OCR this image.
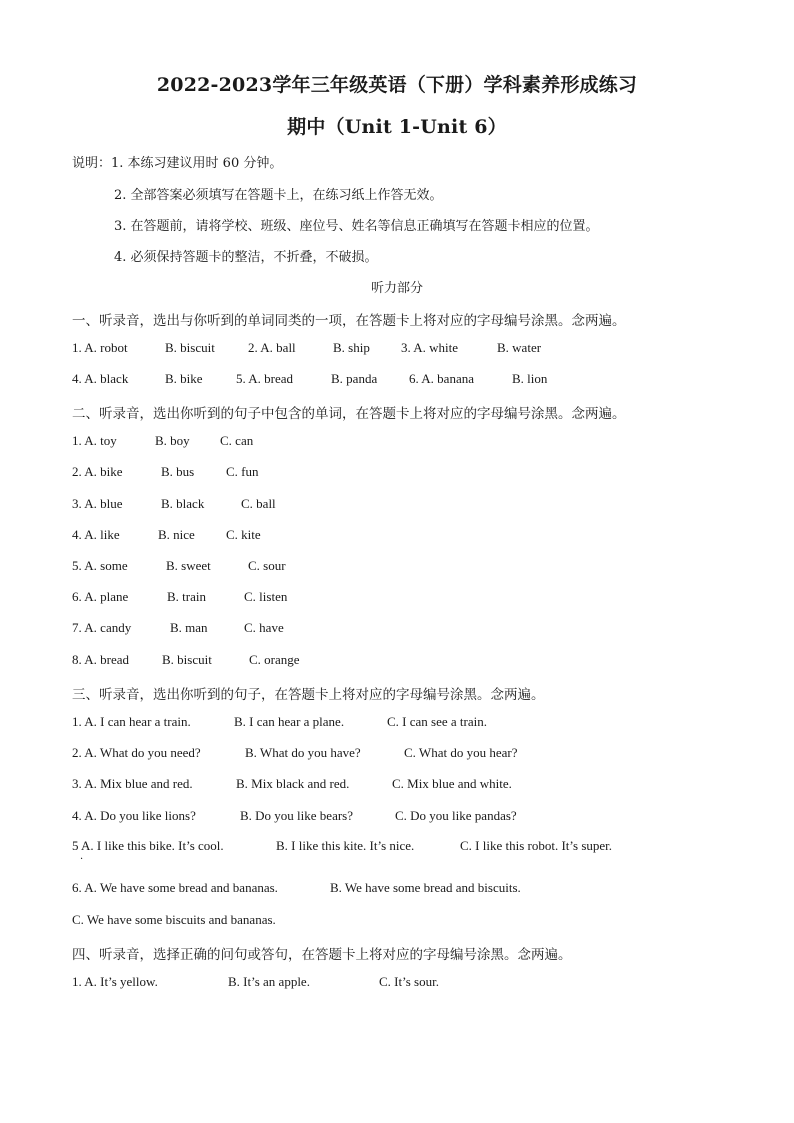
2022-2023学年三年级英语（下册）学科素养形成练习
期中（Unit 1-Unit 6）
说明：1. 本练习建议用时 60 分钟。
2. 全部答案必须填写在答题卡上，在练习纸上作答无效。
3. 在答题前，请将学校、班级、座位号、姓名等信息正确填写在答题卡相应的位置。
4. 必须保持答题卡的整洁，不折叠，不破损。
听力部分
一、听录音，选出与你听到的单词同类的一项，在答题卡上将对应的字母编号涂黑。念两遍。
1. A. robot	B. biscuit	2. A. ball	B. ship 3. A. white	B. water
4. A. black	B. bike	5. A. bread	B. panda 6. A. banana	B. lion
二、听录音，选出你听到的句子中包含的单词，在答题卡上将对应的字母编号涂黑。念两遍。
1. A. toy	B. boy C. can
2. A. bike	B. bus C. fun
3. A. blue	B. black	C. ball
4. A. like	B. nice C. kite
5. A. some	B. sweet	C. sour
6. A. plane	B. train	C. listen
7. A. candy	B. man	C. have
8. A. bread	B. biscuit	C. orange
三、听录音，选出你听到的句子，在答题卡上将对应的字母编号涂黑。念两遍。
1. A. I can hear a train.	B. I can hear a plane.	C. I can see a train.
2. A. What do you need?	B. What do you have?	C. What do you hear?
3. A. Mix blue and red.	B. Mix black and red.	C. Mix blue and white.
4. A. Do you like lions?	B. Do you like bears?	C. Do you like pandas?
5 A. I like this bike. It’s cool.
·
B. I like this kite. It’s nice.	C. I like this robot. It’s super.
6. A. We have some bread and bananas.	B. We have some bread and biscuits.
C. We have some biscuits and bananas.
四、听录音，选择正确的问句或答句，在答题卡上将对应的字母编号涂黑。念两遍。
1. A. It’s yellow.	B. It’s an apple.	C. It’s sour.
